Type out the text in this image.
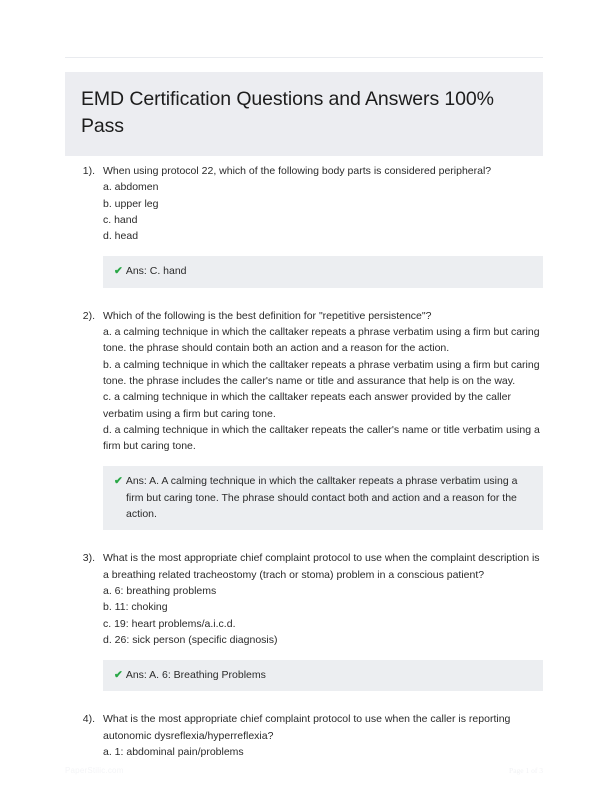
EMD Certification Questions and Answers 100% Pass
1). When using protocol 22, which of the following body parts is considered peripheral?
a. abdomen
b. upper leg
c. hand
d. head
✔ Ans: C. hand
2). Which of the following is the best definition for "repetitive persistence"?
a. a calming technique in which the calltaker repeats a phrase verbatim using a firm but caring tone. the phrase should contain both an action and a reason for the action.
b. a calming technique in which the calltaker repeats a phrase verbatim using a firm but caring tone. the phrase includes the caller's name or title and assurance that help is on the way.
c. a calming technique in which the calltaker repeats each answer provided by the caller verbatim using a firm but caring tone.
d. a calming technique in which the calltaker repeats the caller's name or title verbatim using a firm but caring tone.
✔ Ans: A. A calming technique in which the calltaker repeats a phrase verbatim using a firm but caring tone. The phrase should contact both and action and a reason for the action.
3). What is the most appropriate chief complaint protocol to use when the complaint description is a breathing related tracheostomy (trach or stoma) problem in a conscious patient?
a. 6: breathing problems
b. 11: choking
c. 19: heart problems/a.i.c.d.
d. 26: sick person (specific diagnosis)
✔ Ans: A. 6: Breathing Problems
4). What is the most appropriate chief complaint protocol to use when the caller is reporting autonomic dysreflexia/hyperreflexia?
a. 1: abdominal pain/problems
PaperStilic.com	Page 1 of 3
